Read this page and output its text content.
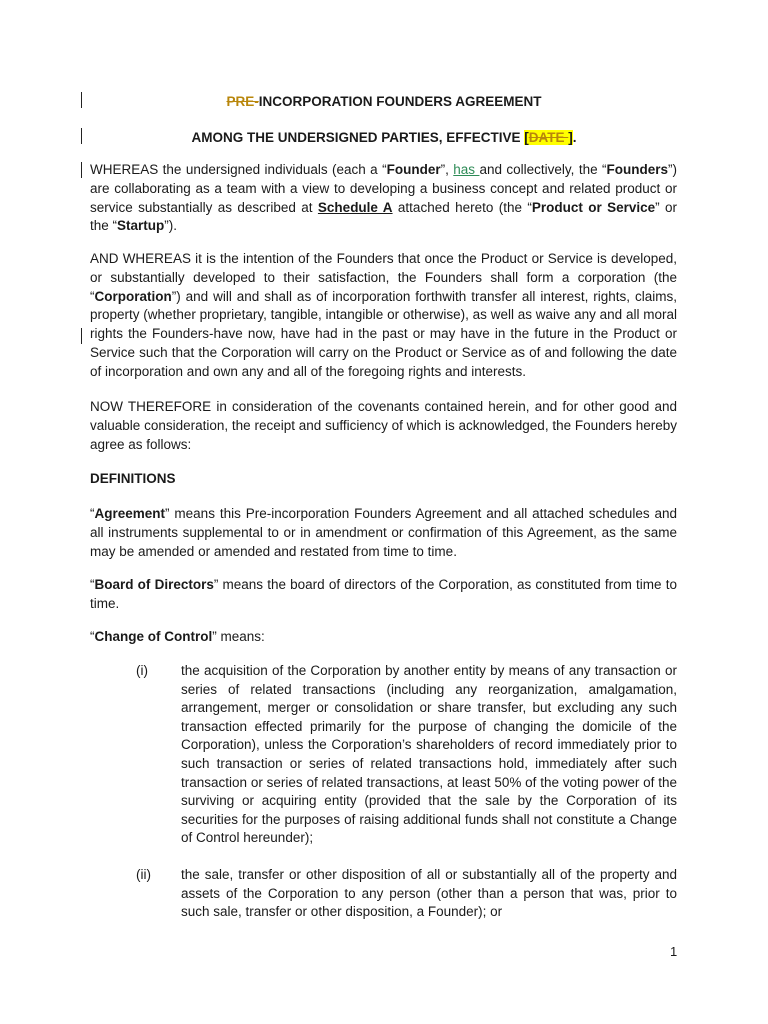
PRE-INCORPORATION FOUNDERS AGREEMENT
AMONG THE UNDERSIGNED PARTIES, EFFECTIVE [DATE ].
WHEREAS the undersigned individuals (each a “Founder”, has and collectively, the “Founders”) are collaborating as a team with a view to developing a business concept and related product or service substantially as described at Schedule A attached hereto (the “Product or Service” or the “Startup”).
AND WHEREAS it is the intention of the Founders that once the Product or Service is developed, or substantially developed to their satisfaction, the Founders shall form a corporation (the “Corporation”) and will and shall as of incorporation forthwith transfer all interest, rights, claims, property (whether proprietary, tangible, intangible or otherwise), as well as waive any and all moral rights the Founders-have now, have had in the past or may have in the future in the Product or Service such that the Corporation will carry on the Product or Service as of and following the date of incorporation and own any and all of the foregoing rights and interests.
NOW THEREFORE in consideration of the covenants contained herein, and for other good and valuable consideration, the receipt and sufficiency of which is acknowledged, the Founders hereby agree as follows:
DEFINITIONS
“Agreement” means this Pre-incorporation Founders Agreement and all attached schedules and all instruments supplemental to or in amendment or confirmation of this Agreement, as the same may be amended or amended and restated from time to time.
“Board of Directors” means the board of directors of the Corporation, as constituted from time to time.
“Change of Control” means:
(i) the acquisition of the Corporation by another entity by means of any transaction or series of related transactions (including any reorganization, amalgamation, arrangement, merger or consolidation or share transfer, but excluding any such transaction effected primarily for the purpose of changing the domicile of the Corporation), unless the Corporation’s shareholders of record immediately prior to such transaction or series of related transactions hold, immediately after such transaction or series of related transactions, at least 50% of the voting power of the surviving or acquiring entity (provided that the sale by the Corporation of its securities for the purposes of raising additional funds shall not constitute a Change of Control hereunder);
(ii) the sale, transfer or other disposition of all or substantially all of the property and assets of the Corporation to any person (other than a person that was, prior to such sale, transfer or other disposition, a Founder); or
1
